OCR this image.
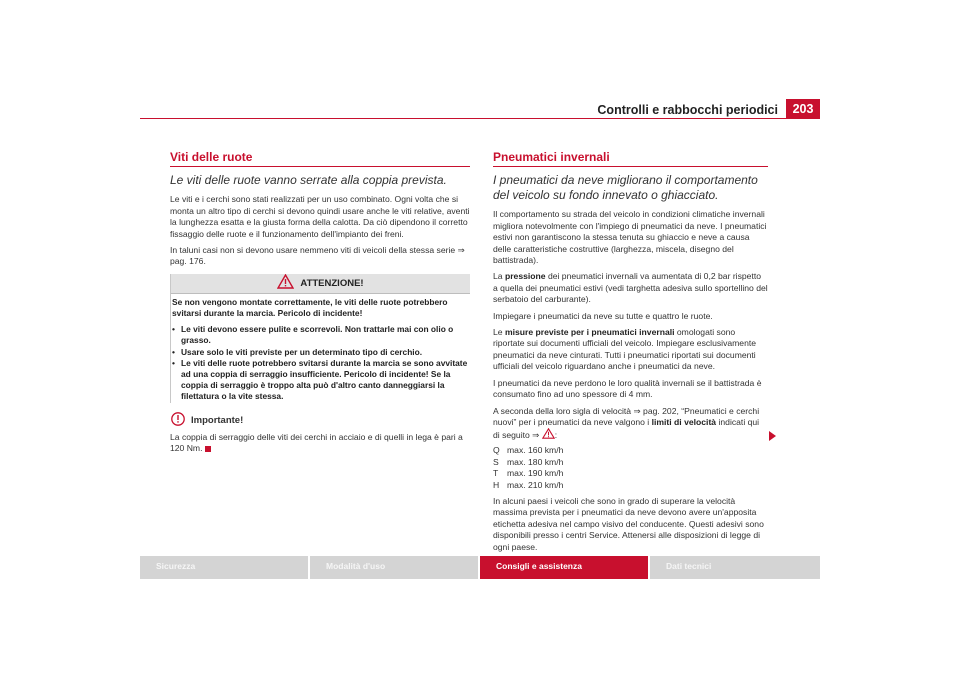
Controlli e rabbocchi periodici	203
Viti delle ruote
Le viti delle ruote vanno serrate alla coppia prevista.

Le viti e i cerchi sono stati realizzati per un uso combinato. Ogni volta che si monta un altro tipo di cerchi si devono quindi usare anche le viti relative, aventi la lunghezza esatta e la giusta forma della calotta. Da ciò dipendono il corretto fissaggio delle ruote e il funzionamento dell'impianto dei freni.

In taluni casi non si devono usare nemmeno viti di veicoli della stessa serie ⇒ pag. 176.

ATTENZIONE!

Se non vengono montate correttamente, le viti delle ruote potrebbero svitarsi durante la marcia. Pericolo di incidente!

• Le viti devono essere pulite e scorrevoli. Non trattarle mai con olio o grasso.
• Usare solo le viti previste per un determinato tipo di cerchio.
• Le viti delle ruote potrebbero svitarsi durante la marcia se sono avvitate ad una coppia di serraggio insufficiente. Pericolo di incidente! Se la coppia di serraggio è troppo alta può d'altro canto danneggiarsi la filettatura o la vite stessa.
Importante!

La coppia di serraggio delle viti dei cerchi in acciaio e di quelli in lega è pari a 120 Nm.

Pneumatici invernali
I pneumatici da neve migliorano il comportamento del veicolo su fondo innevato o ghiacciato.

Il comportamento su strada del veicolo in condizioni climatiche invernali migliora notevolmente con l'impiego di pneumatici da neve. I pneumatici estivi non garantiscono la stessa tenuta su ghiaccio e neve a causa delle caratteristiche costruttive (larghezza, miscela, disegno del battistrada).

La pressione dei pneumatici invernali va aumentata di 0,2 bar rispetto a quella dei pneumatici estivi (vedi targhetta adesiva sullo sportellino del serbatoio del carburante).

Impiegare i pneumatici da neve su tutte e quattro le ruote.

Le misure previste per i pneumatici invernali omologati sono riportate sui documenti ufficiali del veicolo. Impiegare esclusivamente pneumatici da neve cinturati. Tutti i pneumatici riportati sui documenti ufficiali del veicolo riguardano anche i pneumatici da neve.

I pneumatici da neve perdono le loro qualità invernali se il battistrada è consumato fino ad uno spessore di 4 mm.

A seconda della loro sigla di velocità ⇒ pag. 202, “Pneumatici e cerchi nuovi” per i pneumatici da neve valgono i limiti di velocità indicati qui di seguito ⇒ :

Q max. 160 km/h
S max. 180 km/h
T	max. 190 km/h
H max. 210 km/h

In alcuni paesi i veicoli che sono in grado di superare la velocità massima prevista per i pneumatici da neve devono avere un'apposita etichetta adesiva nel campo visivo del conducente. Questi adesivi sono disponibili presso i centri Service. Attenersi alle disposizioni di legge di ogni paese.

Sicurezza	Modalità d'uso	Consigli e assistenza	Dati tecnici
